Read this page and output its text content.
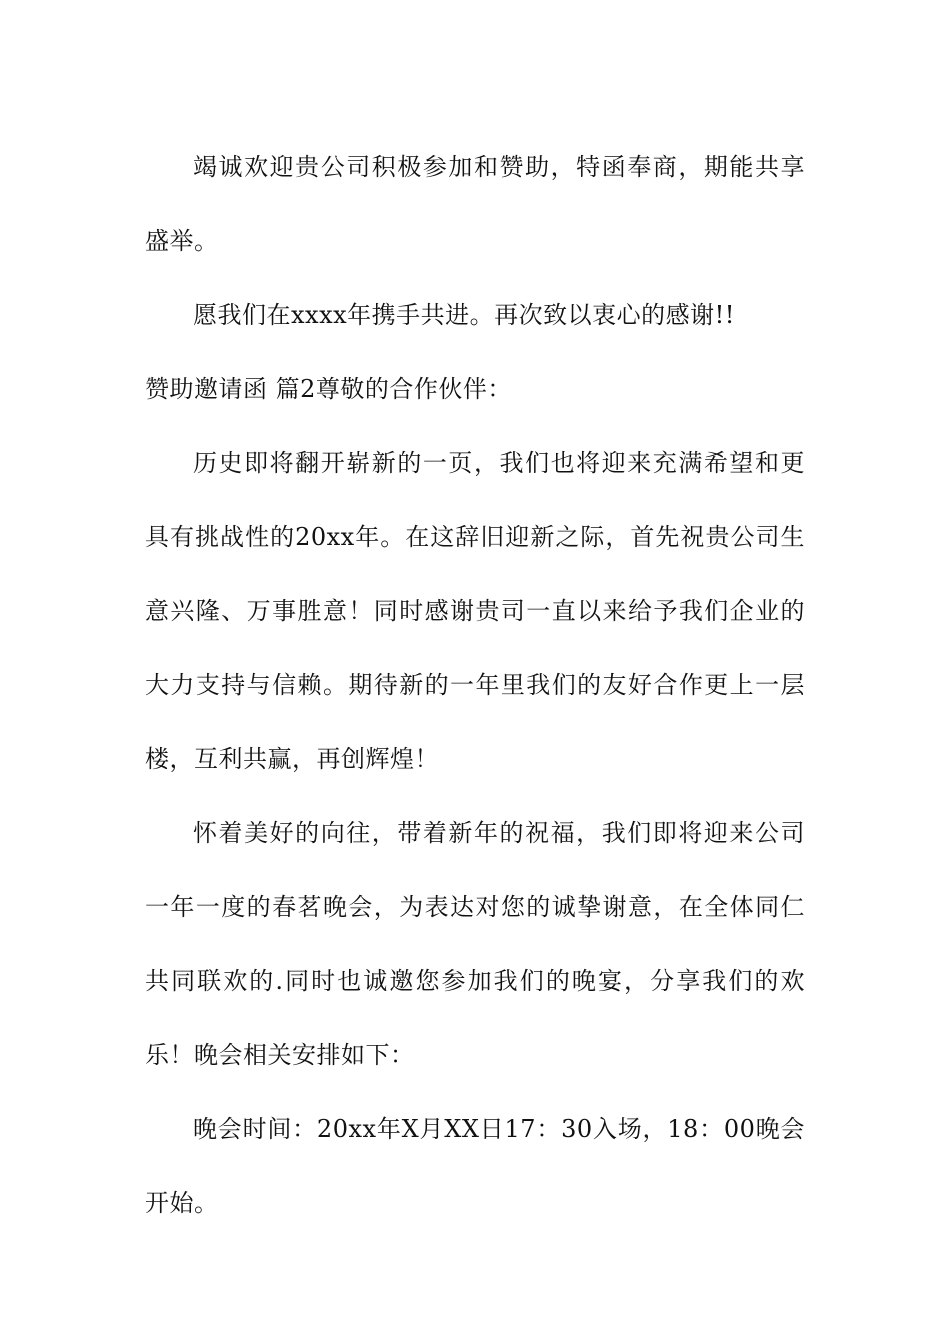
竭诚欢迎贵公司积极参加和赞助，特函奉商，期能共享盛举。

愿我们在xxxx年携手共进。再次致以衷心的感谢!!

赞助邀请函 篇2尊敬的合作伙伴：

历史即将翻开崭新的一页，我们也将迎来充满希望和更具有挑战性的20xx年。在这辞旧迎新之际，首先祝贵公司生意兴隆、万事胜意！同时感谢贵司一直以来给予我们企业的大力支持与信赖。期待新的一年里我们的友好合作更上一层楼，互利共赢，再创辉煌！

怀着美好的向往，带着新年的祝福，我们即将迎来公司一年一度的春茗晚会，为表达对您的诚挚谢意，在全体同仁共同联欢的.同时也诚邀您参加我们的晚宴，分享我们的欢乐！晚会相关安排如下：

晚会时间：20xx年X月XX日17：30入场，18：00晚会开始。
